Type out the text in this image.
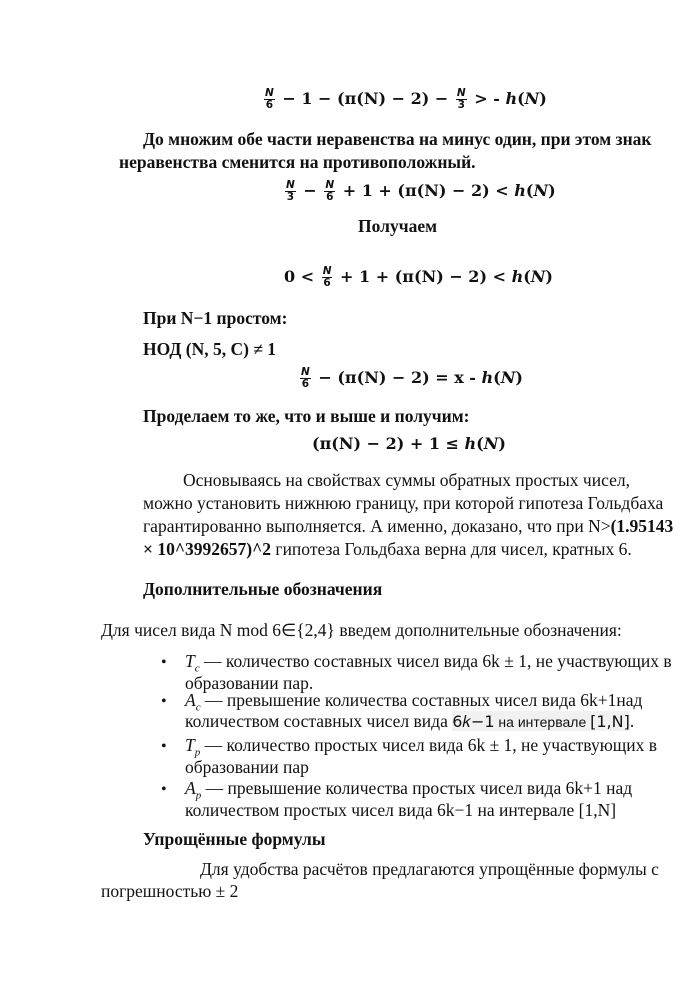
$\frac{N}{6} - 1 - (\pi(N) - 2) - \frac{N}{3}$ > - h(N)
До множим обе части неравенства на минус один, при этом знак
неравенства сменится на противоположный.
$\frac{N}{3} - \frac{N}{6} + 1 + (\pi(N) - 2) < h(N)$
Получаем
$0 < \frac{N}{6} + 1 + (\pi(N) - 2) < h(N)$
При N−1 простом:
НОД (N, 5, C) ≠ 1
$\frac{N}{6} - (\pi(N) - 2) = x - h(N)$
Проделаем то же, что и выше и получим:
(π(N) − 2) + 1 ≤ h(N)
Основываясь на свойствах суммы обратных простых чисел,
можно установить нижнюю границу, при которой гипотеза Гольдбаха
гарантированно выполняется. А именно, доказано, что при N>(1.95143
× 10^3992657)^2 гипотеза Гольдбаха верна для чисел, кратных 6.
Дополнительные обозначения
Для чисел вида N mod 6∈{2,4} введем дополнительные обозначения:
• $T_c$ — количество составных чисел вида 6k ± 1, не участвующих в
образовании пар.
• $A_c$ — превышение количества составных чисел вида 6k+1над
количеством составных чисел вида 6𝑘−1 на интервале [1,N].
• $T_p$ — количество простых чисел вида 6k ± 1, не участвующих в
образовании пар
• $A_p$ — превышение количества простых чисел вида 6k+1 над
количеством простых чисел вида 6k−1 на интервале [1,N]
Упрощённые формулы
Для удобства расчётов предлагаются упрощённые формулы с
погрешностью ± 2
